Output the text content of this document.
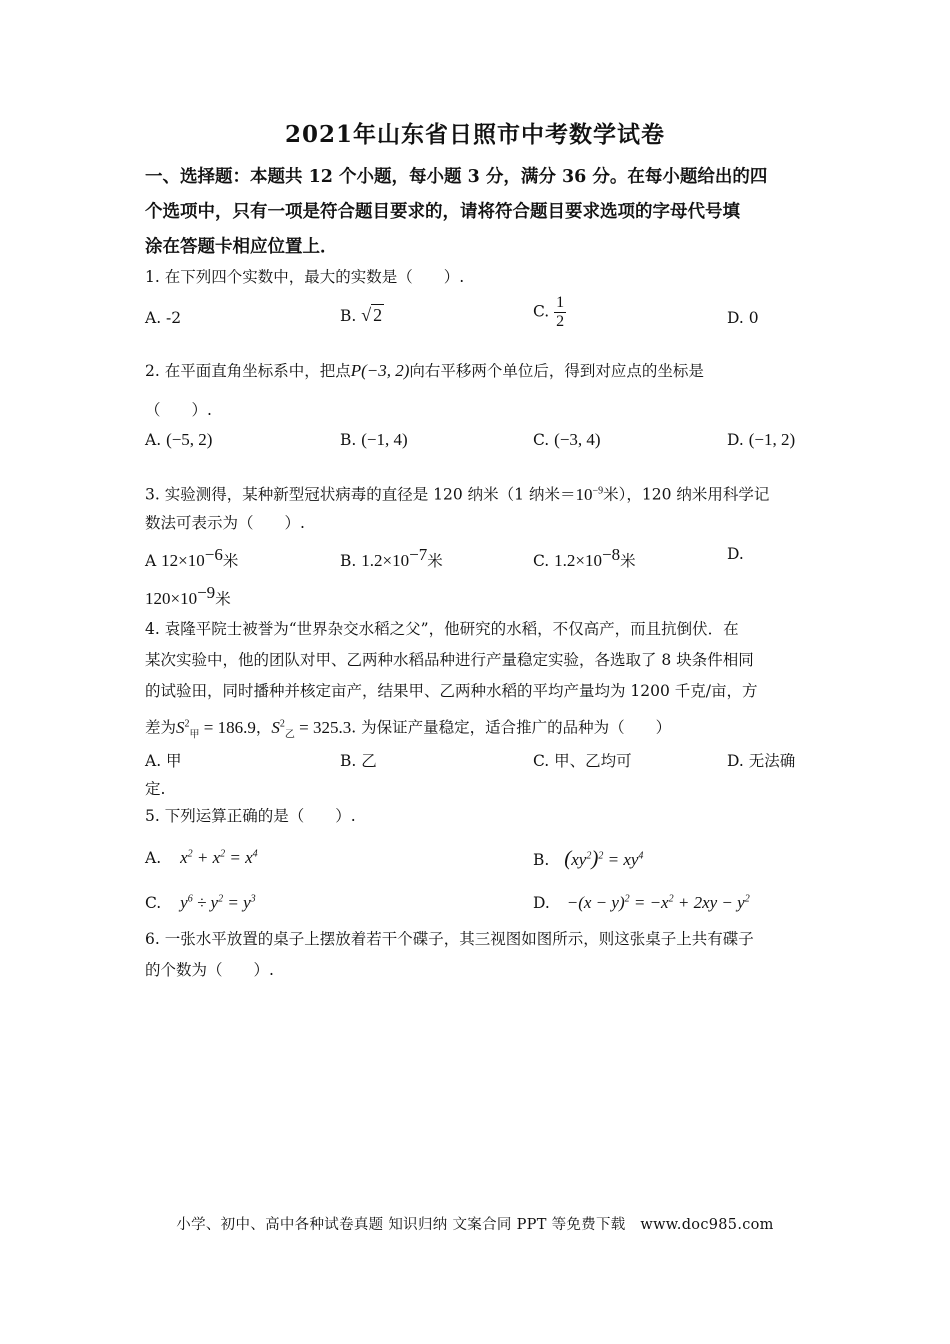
2021年山东省日照市中考数学试卷
一、选择题：本题共 12 个小题，每小题 3 分，满分 36 分。在每小题给出的四
个选项中，只有一项是符合题目要求的，请将符合题目要求选项的字母代号填
涂在答题卡相应位置上．
1. 在下列四个实数中，最大的实数是（　　）.
A. -2	B. √ 2	C. $\frac{1}{2}$	D. 0
2. 在平面直角坐标系中，把点P(−3, 2)向右平移两个单位后，得到对应点的坐标是
（　　）.
A. (−5, 2)	B. (−1, 4)	C. (−3, 4)	D. (−1, 2)
3. 实验测得，某种新型冠状病毒的直径是 120 纳米（1 纳米$=10^{-9}$米），120 纳米用科学记
数法可表示为（　　）.
A $12\times 10^{-6}$米	B. $1.2\times 10^{-7}$米	C. $1.2\times 10^{-8}$米	D.
$120\times 10^{-9}$米
4. 袁隆平院士被誉为“世界杂交水稻之父”，他研究的水稻，不仅高产，而且抗倒伏．在
某次实验中，他的团队对甲、乙两种水稻品种进行产量稳定实验，各选取了 8 块条件相同
的试验田，同时播种并核定亩产，结果甲、乙两种水稻的平均产量均为 1200 千克/亩，方
差为$S^2_甲 = 186.9$，$S^2_乙 = 325.3$. 为保证产量稳定，适合推广的品种为（　　）
A. 甲	B. 乙	C. 甲、乙均可	D. 无法确
定.
5. 下列运算正确的是（　　）.
A. $x^2 + x^2 = x^4$	B. $(xy^2)^2 = xy^4$
C. $y^6 \div y^2 = y^3$	D. $-(x - y)^2 = -x^2 + 2xy - y^2$
6. 一张水平放置的桌子上摆放着若干个碟子，其三视图如图所示，则这张桌子上共有碟子
的个数为（　　）.
小学、初中、高中各种试卷真题 知识归纳 文案合同 PPT 等免费下载　www.doc985.com
